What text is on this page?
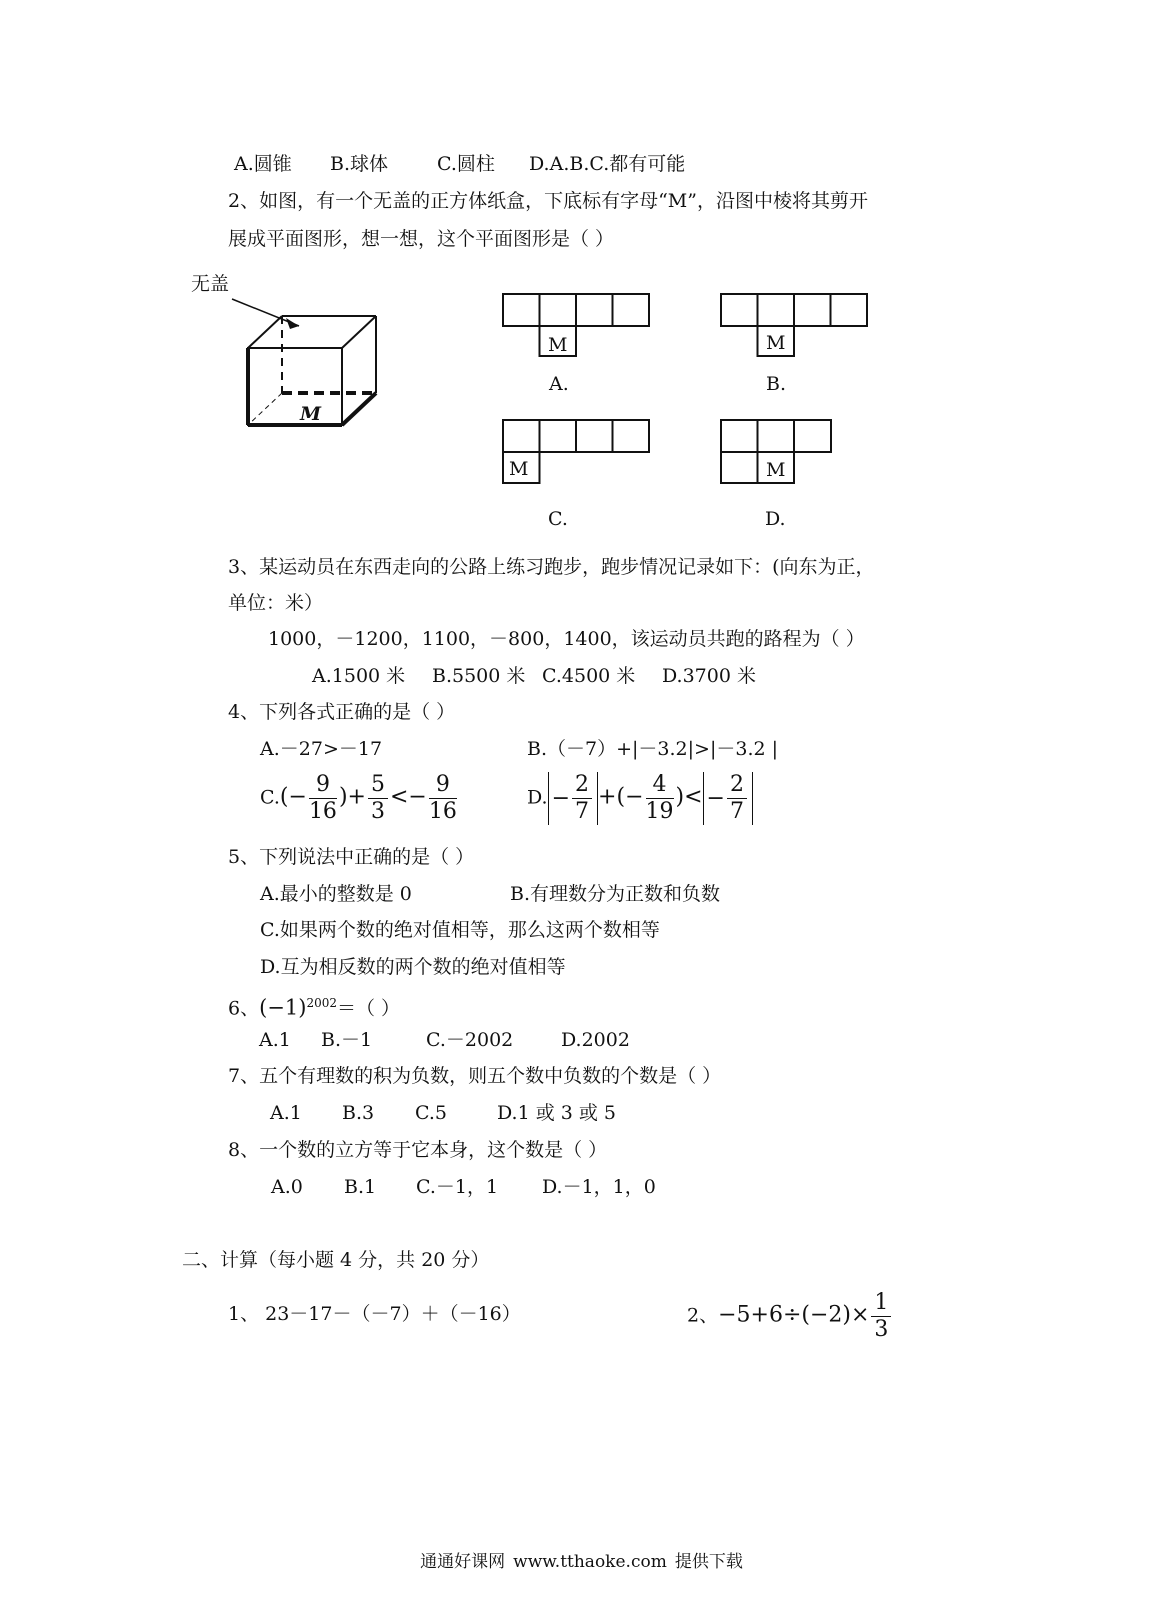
A.圆锥 B.球体	C.圆柱 D.A.B.C.都有可能
2、如图，有一个无盖的正方体纸盒，下底标有字母“M”，沿图中棱将其剪开
展成平面图形，想一想，这个平面图形是（ ）
无盖
M
M
A.
M
B.
M
C.
M
D.
3、某运动员在东西走向的公路上练习跑步，跑步情况记录如下：(向东为正，
单位：米）
1000，－1200，1100，－800，1400，该运动员共跑的路程为（ ）
A.1500 米 B.5500 米 C.4500 米 D.3700 米
4、下列各式正确的是（ ）
A.－27>－17	B.（－7）+|－3.2|>|－3.2 |
$C.(- \frac{9}{16}$ )+ $\frac{5}{3} <- \frac{9}{16}$	D. − $\frac{2}{7}$ +(− $\frac{4}{19}$ )< − $\frac{2}{7}$
5、下列说法中正确的是（ ）
A.最小的整数是 0	B.有理数分为正数和负数
C.如果两个数的绝对值相等，那么这两个数相等
D.互为相反数的两个数的绝对值相等
6、$(-1)^{2002}=$（ ）
A.1 B.－1	C.－2002	D.2002
7、五个有理数的积为负数，则五个数中负数的个数是（ ）
A.1 B.3 C.5	D.1 或 3 或 5
8、一个数的立方等于它本身，这个数是（ ）
A.0 B.1 C.－1，1 D.－1，1，0
二、计算（每小题 4 分，共 20 分）
1、 23－17－（－7）＋（－16）	2、$-5+6\div(-2)\times \frac{1}{3}$
通通好课网 www.tthaoke.com 提供下载
